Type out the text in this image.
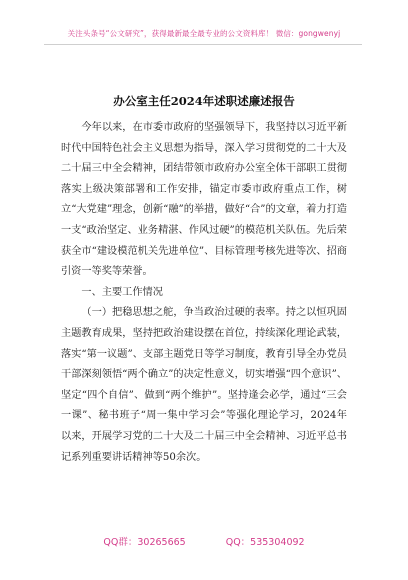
关注头条号“公文研究”，获得最新最全最专业的公文资料库！ 微信：gongwenyj
办公室主任2024年述职述廉述报告

今年以来，在市委市政府的坚强领导下，我坚持以习近平新时代中国特色社会主义思想为指导，深入学习贯彻党的二十大及二十届三中全会精神，团结带领市政府办公室全体干部职工贯彻落实上级决策部署和工作安排，锚定市委市政府重点工作，树立“大党建”理念，创新“融”的举措，做好“合”的文章，着力打造一支“政治坚定、业务精湛、作风过硬”的模范机关队伍。先后荣获全市“建设模范机关先进单位”、目标管理考核先进等次、招商引资一等奖等荣誉。

一、主要工作情况

（一）把稳思想之舵，争当政治过硬的表率。持之以恒巩固主题教育成果，坚持把政治建设摆在首位，持续深化理论武装，落实“第一议题”、支部主题党日等学习制度，教育引导全办党员干部深刻领悟“两个确立”的决定性意义，切实增强“四个意识”、坚定“四个自信”、做到“两个维护”。坚持逢会必学，通过“三会一课”、秘书班子“周一集中学习会”等强化理论学习，2024年以来，开展学习党的二十大及二十届三中全会精神、习近平总书记系列重要讲话精神等50余次。

QQ群：30265665	QQ：535304092
